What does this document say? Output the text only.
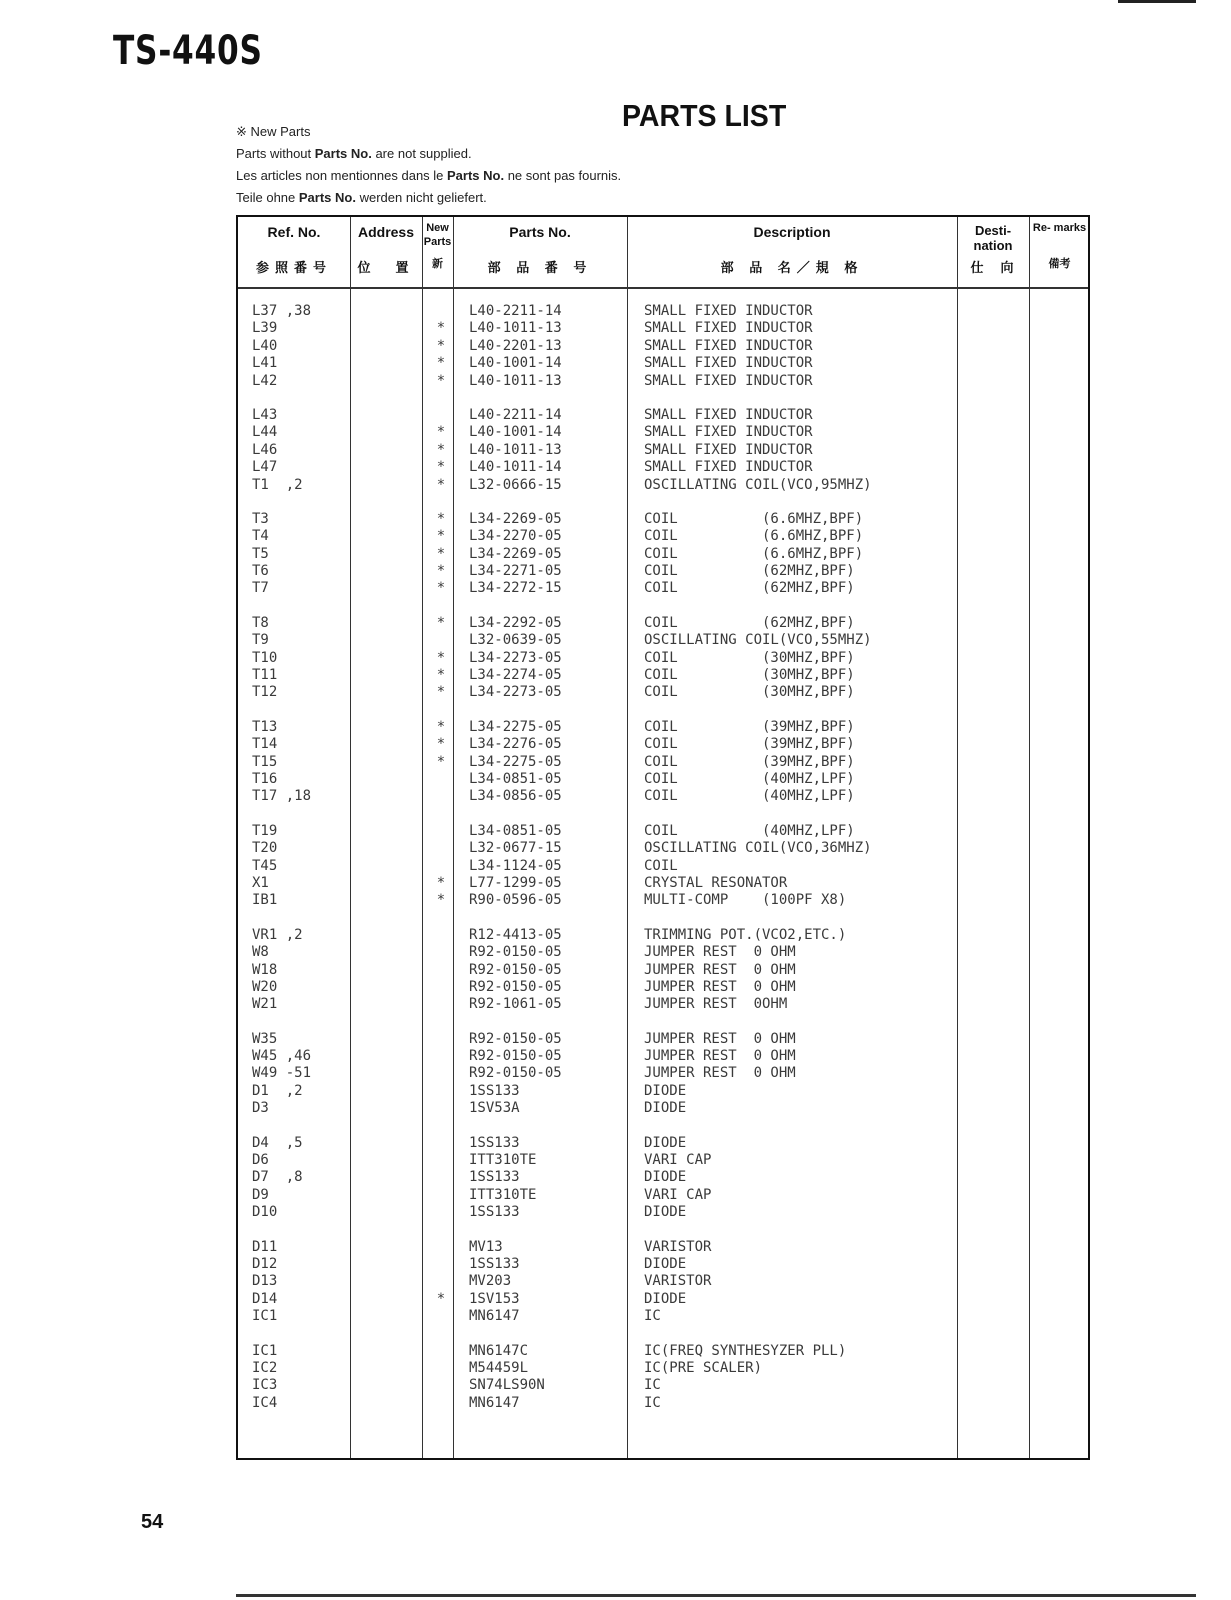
TS-440S
PARTS LIST
※ New Parts
Parts without Parts No. are not supplied.
Les articles non mentionnes dans le Parts No. ne sont pas fournis.
Teile ohne Parts No. werden nicht geliefert.
Ref. No.
参照番号
Address
位　置
New Parts
新
Parts No.
部 品 番 号
Description
部 品 名／規 格
Desti- nation
仕　向
Re- marks
備考
L37 ,38	L40-2211-14	SMALL FIXED INDUCTOR
L39	*	L40-1011-13	SMALL FIXED INDUCTOR
L40	*	L40-2201-13	SMALL FIXED INDUCTOR
L41	*	L40-1001-14	SMALL FIXED INDUCTOR
L42	*	L40-1011-13	SMALL FIXED INDUCTOR
L43	L40-2211-14	SMALL FIXED INDUCTOR
L44	*	L40-1001-14	SMALL FIXED INDUCTOR
L46	*	L40-1011-13	SMALL FIXED INDUCTOR
L47	*	L40-1011-14	SMALL FIXED INDUCTOR
T1  ,2	*	L32-0666-15	OSCILLATING COIL(VCO,95MHZ)
T3	*	L34-2269-05	COIL          (6.6MHZ,BPF)
T4	*	L34-2270-05	COIL          (6.6MHZ,BPF)
T5	*	L34-2269-05	COIL          (6.6MHZ,BPF)
T6	*	L34-2271-05	COIL          (62MHZ,BPF)
T7	*	L34-2272-15	COIL          (62MHZ,BPF)
T8	*	L34-2292-05	COIL          (62MHZ,BPF)
T9	L32-0639-05	OSCILLATING COIL(VCO,55MHZ)
T10	*	L34-2273-05	COIL          (30MHZ,BPF)
T11	*	L34-2274-05	COIL          (30MHZ,BPF)
T12	*	L34-2273-05	COIL          (30MHZ,BPF)
T13	*	L34-2275-05	COIL          (39MHZ,BPF)
T14	*	L34-2276-05	COIL          (39MHZ,BPF)
T15	*	L34-2275-05	COIL          (39MHZ,BPF)
T16	L34-0851-05	COIL          (40MHZ,LPF)
T17 ,18	L34-0856-05	COIL          (40MHZ,LPF)
T19	L34-0851-05	COIL          (40MHZ,LPF)
T20	L32-0677-15	OSCILLATING COIL(VCO,36MHZ)
T45	L34-1124-05	COIL
X1	*	L77-1299-05	CRYSTAL RESONATOR
IB1	*	R90-0596-05	MULTI-COMP    (100PF X8)
VR1 ,2	R12-4413-05	TRIMMING POT.(VCO2,ETC.)
W8	R92-0150-05	JUMPER REST  0 OHM
W18	R92-0150-05	JUMPER REST  0 OHM
W20	R92-0150-05	JUMPER REST  0 OHM
W21	R92-1061-05	JUMPER REST  0OHM
W35	R92-0150-05	JUMPER REST  0 OHM
W45 ,46	R92-0150-05	JUMPER REST  0 OHM
W49 -51	R92-0150-05	JUMPER REST  0 OHM
D1  ,2	1SS133	DIODE
D3	1SV53A	DIODE
D4  ,5	1SS133	DIODE
D6	ITT310TE	VARI CAP
D7  ,8	1SS133	DIODE
D9	ITT310TE	VARI CAP
D10	1SS133	DIODE
D11	MV13	VARISTOR
D12	1SS133	DIODE
D13	MV203	VARISTOR
D14	*	1SV153	DIODE
IC1	MN6147	IC
IC1	MN6147C	IC(FREQ SYNTHESYZER PLL)
IC2	M54459L	IC(PRE SCALER)
IC3	SN74LS90N	IC
IC4	MN6147	IC
54
